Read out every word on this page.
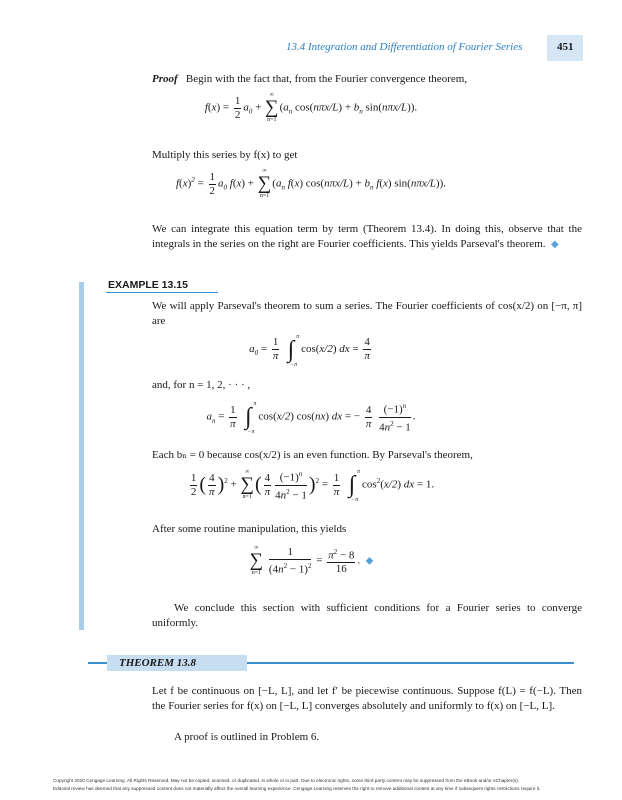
13.4 Integration and Differentiation of Fourier Series	451
Proof Begin with the fact that, from the Fourier convergence theorem,
$f(x) = \frac{1}{2} a_0$ +
∞
∑
n=1
($a_n$ $\cos(n\pi x/L) + b_n$ sin(nπx/L)).
Multiply this series by f(x) to get
$f(x)^2 = \frac{1}{2} a_0$ f(x) +
∞
∑
n=1
($a_n$ f(x) $\cos(n\pi x/L) + b_n$ f(x) sin(nπx/L)).
We can integrate this equation term by term (Theorem 13.4). In doing this, observe that the integrals in the series on the right are Fourier coefficients. This yields Parseval's theorem. ◆
EXAMPLE 13.15
We will apply Parseval's theorem to sum a series. The Fourier coefficients of cos(x/2) on [−π, π] are
$a_0 = \frac{1}{\pi}$ ∫ π
−π
cos(x/2) dx = $\frac{4}{\pi}$
and, for n = 1, 2, · · · ,
$a_n = \frac{1}{\pi}$ ∫ π
−π
cos(x/2) cos(nx) dx = − $\frac{4}{\pi}$
$\frac{(-1)^n}{4n^2 - 1}$ .
Each bₙ = 0 because cos(x/2) is an even function. By Parseval's theorem,
$\frac{1}{2}$ ( $\frac{4}{\pi} )^2$ +
∞
∑
n=1
( $\frac{4}{\pi} \frac{(-1)^n}{4n^2 - 1} )^2 = \frac{1}{\pi}$ ∫ π
−π
$\cos^2(x/2)$ dx = 1.
After some routine manipulation, this yields
∞
∑
n=1
$\frac{1}{(4n^2 - 1)^2} = \frac{\pi^2 - 8}{16}$ . ◆
We conclude this section with sufficient conditions for a Fourier series to converge uniformly.
THEOREM 13.8
Let f be continuous on [−L, L], and let f′ be piecewise continuous. Suppose f(L) = f(−L). Then the Fourier series for f(x) on [−L, L] converges absolutely and uniformly to f(x) on [−L, L].
A proof is outlined in Problem 6.
Copyright 2010 Cengage Learning. All Rights Reserved. May not be copied, scanned, or duplicated, in whole or in part. Due to electronic rights, some third party content may be suppressed from the eBook and/or eChapter(s).
Editorial review has deemed that any suppressed content does not materially affect the overall learning experience. Cengage Learning reserves the right to remove additional content at any time if subsequent rights restrictions require it.
